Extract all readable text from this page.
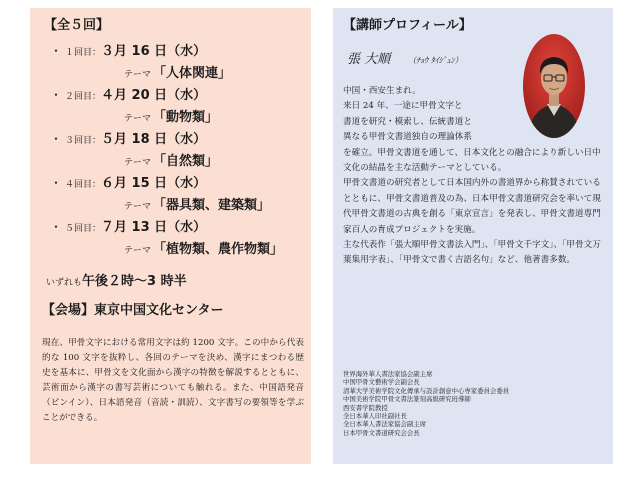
【全５回】
・ １回目：３月 16 日（水）
テーマ 「人体関連」
・ ２回目：４月 20 日（水）
テーマ 「動物類」
・ ３回目：５月 18 日（水）
テーマ 「自然類」
・ ４回目：６月 15 日（水）
テーマ 「器具類、建築類」
・ ５回目：７月 13 日（水）
テーマ 「植物類、農作物類」
いずれも午後２時〜3 時半
【会場】東京中国文化センター
現在、甲骨文字における常用文字は約 1200 文字。この中から代表的な 100 文字を抜粋し、各回のテーマを決め、漢字にまつわる歴史を基本に、甲骨文を文化面から漢字の特徴を解説するとともに、芸術面から漢字の書写芸術についても触れる。また、中国語発音（ピンイン）、日本語発音（音読・訓読）、文字書写の要領等を学ぶことができる。
【講師プロフィール】
張 大順 （ﾁｮｳ ﾀｲｼﾞｭﾝ）
中国・西安生まれ。
来日 24 年、一途に甲骨文字と
書道を研究・模索し、伝統書道と
異なる甲骨文書道独自の理論体系
を確立。甲骨文書道を通して、日本文化との融合により新しい日中文化の結晶を主な活動テーマとしている。
甲骨文書道の研究者として日本国内外の書道界から称賛されているとともに、甲骨文書道普及の為、日本甲骨文書道研究会を率いて現代甲骨文書道の古典を創る「東京宣言」を発表し、甲骨文書道専門家百人の育成プロジェクトを実施。
主な代表作「張大順甲骨文書法入門」、「甲骨文千字文」、「甲骨文万葉集用字表」、「甲骨文で書く吉語名句」など、他著書多数。
世界海外華人書法家協会副主席
中国甲骨文藝術学会副会長
清華大学美術学院文化傳承与設計創意中心専家委員会委員
中国美術学院甲骨文書法篆刻高級研究班導師
西安書学院教授
全日本華人印社副社長
全日本華人書法家協会副主席
日本甲骨文書道研究会会長
